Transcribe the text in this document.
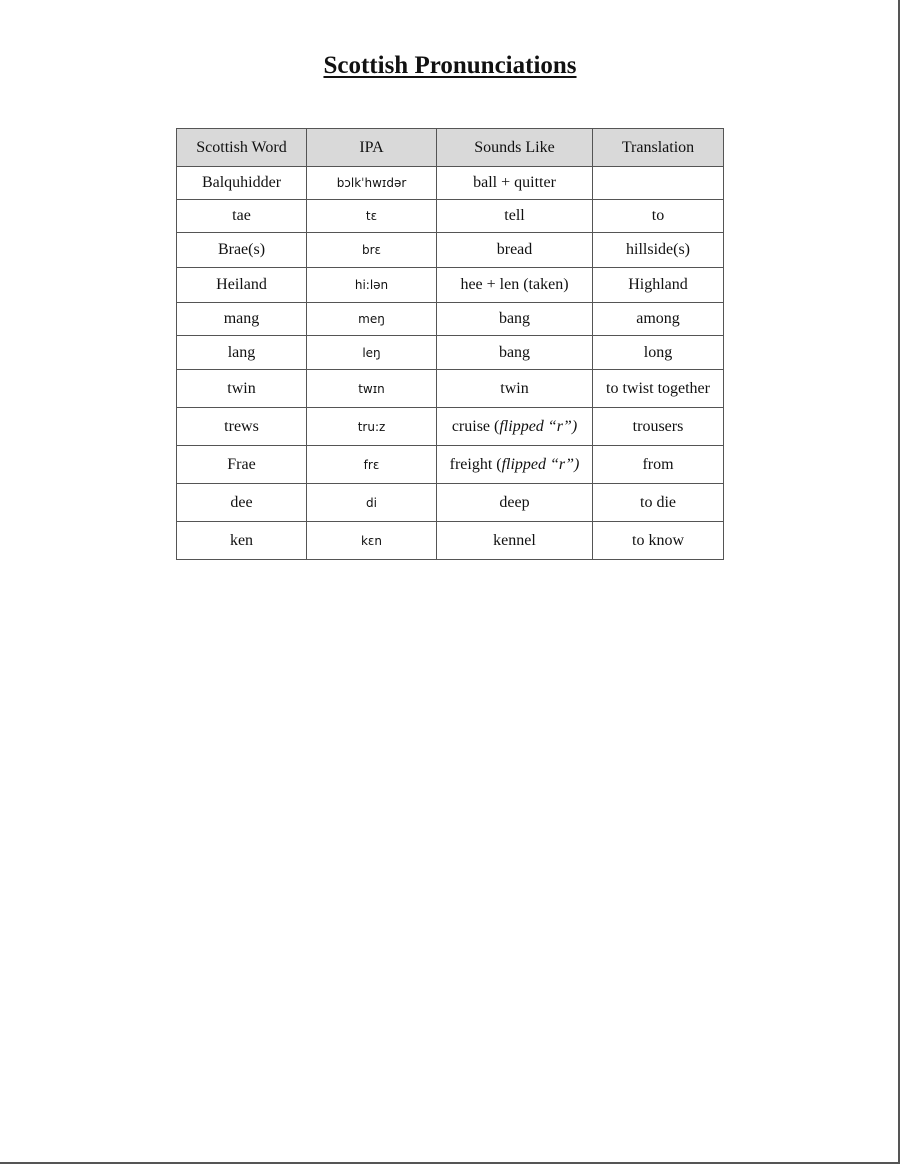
Scottish Pronunciations
Scottish Word	IPA	Sounds Like	Translation
Balquhidder	bɔlkˈhwɪdər	ball + quitter	
tae	tɛ	tell	to
Brae(s)	brɛ	bread	hillside(s)
Heiland	hi:lən	hee + len (taken)	Highland
mang	meŋ	bang	among
lang	leŋ	bang	long
twin	twɪn	twin	to twist together
trews	tru:z	cruise (flipped “r”)	trousers
Frae	frɛ	freight (flipped “r”)	from
dee	di	deep	to die
ken	kɛn	kennel	to know
